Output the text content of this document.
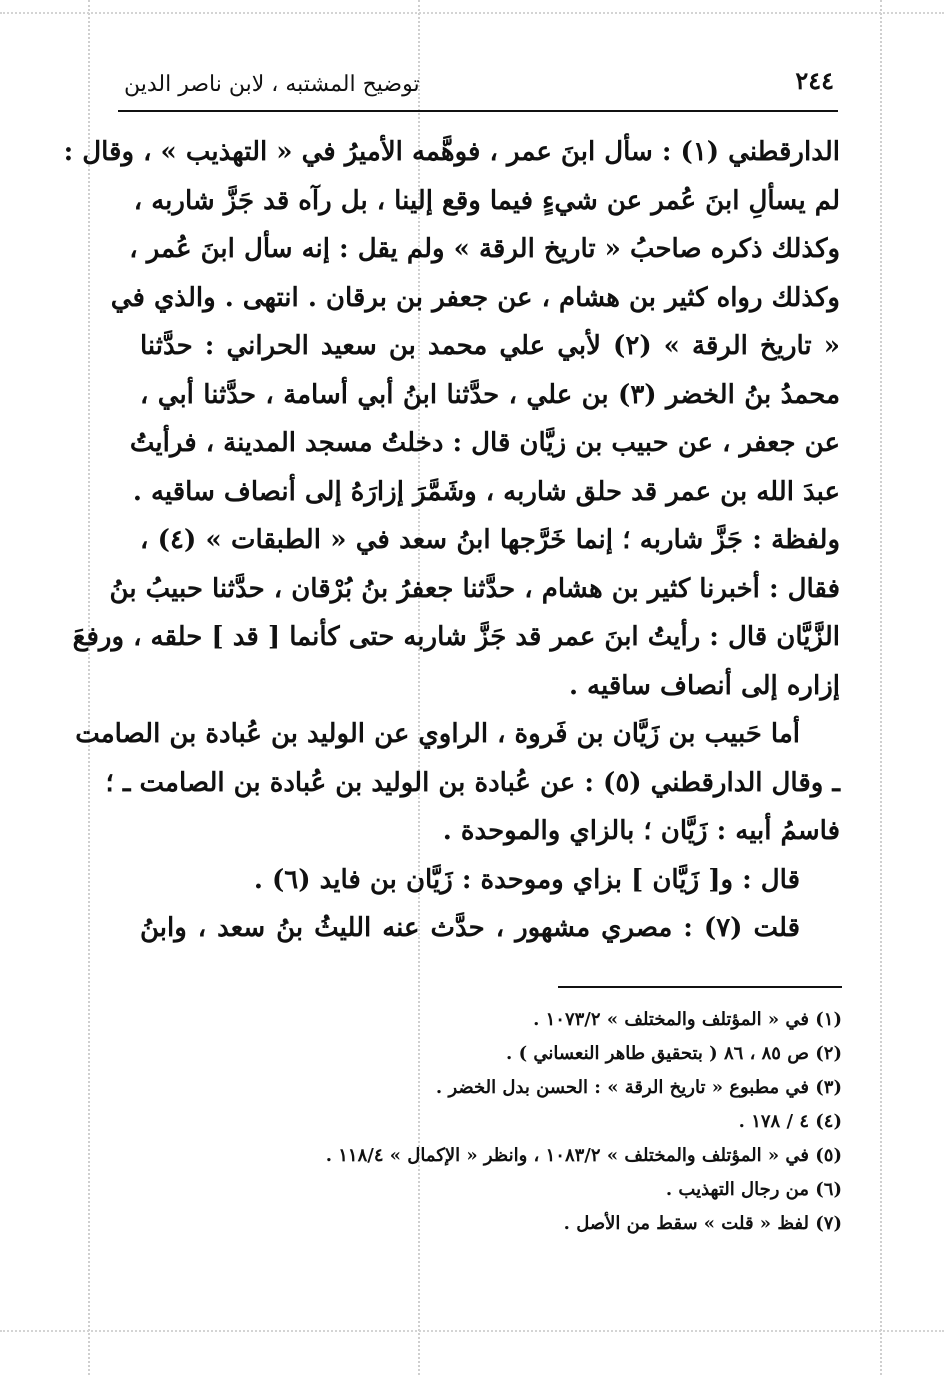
٢٤٤
توضيح المشتبه ، لابن ناصر الدين
الدارقطني (١) : سأل ابنَ عمر ، فوهَّمه الأميرُ في « التهذيب » ، وقال :
لم يسألِ ابنَ عُمر عن شيءٍ فيما وقع إلينا ، بل رآه قد جَزَّ شاربه ،
وكذلك ذكره صاحبُ « تاريخ الرقة » ولم يقل : إنه سأل ابنَ عُمر ،
وكذلك رواه كثير بن هشام ، عن جعفر بن برقان . انتهى . والذي في
« تاريخ الرقة » (٢) لأبي علي محمد بن سعيد الحراني : حدَّثنا
محمدُ بنُ الخضر (٣) بن علي ، حدَّثنا ابنُ أبي أسامة ، حدَّثنا أبي ،
عن جعفر ، عن حبيب بن زيَّان قال : دخلتُ مسجد المدينة ، فرأيتُ
عبدَ الله بن عمر قد حلق شاربه ، وشَمَّرَ إزارَهُ إلى أنصاف ساقيه .
ولفظة : جَزَّ شاربه ؛ إنما خَرَّجها ابنُ سعد في « الطبقات » (٤) ،
فقال : أخبرنا كثير بن هشام ، حدَّثنا جعفرُ بنُ بُرْقان ، حدَّثنا حبيبُ بنُ
الزَّيَّان قال : رأيتُ ابنَ عمر قد جَزَّ شاربه حتى كأنما [ قد ] حلقه ، ورفعَ
إزاره إلى أنصاف ساقيه .
أما حَبيب بن زَيَّان بن فَروة ، الراوي عن الوليد بن عُبادة بن الصامت
ـ وقال الدارقطني (٥) : عن عُبادة بن الوليد بن عُبادة بن الصامت ـ ؛
فاسمُ أبيه : زَيَّان ؛ بالزاي والموحدة .
قال : و[ زَيَّان ] بزاي وموحدة : زَيَّان بن فايد (٦) .
قلت (٧) : مصري مشهور ، حدَّث عنه الليثُ بنُ سعد ، وابنُ
(١) في « المؤتلف والمختلف » ١٠٧٣/٢ .
(٢) ص ٨٥ ، ٨٦ ( بتحقيق طاهر النعساني ) .
(٣) في مطبوع « تاريخ الرقة » : الحسن بدل الخضر .
(٤) ٤ / ١٧٨ .
(٥) في « المؤتلف والمختلف » ١٠٨٣/٢ ، وانظر « الإكمال » ١١٨/٤ .
(٦) من رجال التهذيب .
(٧) لفظ « قلت » سقط من الأصل .
